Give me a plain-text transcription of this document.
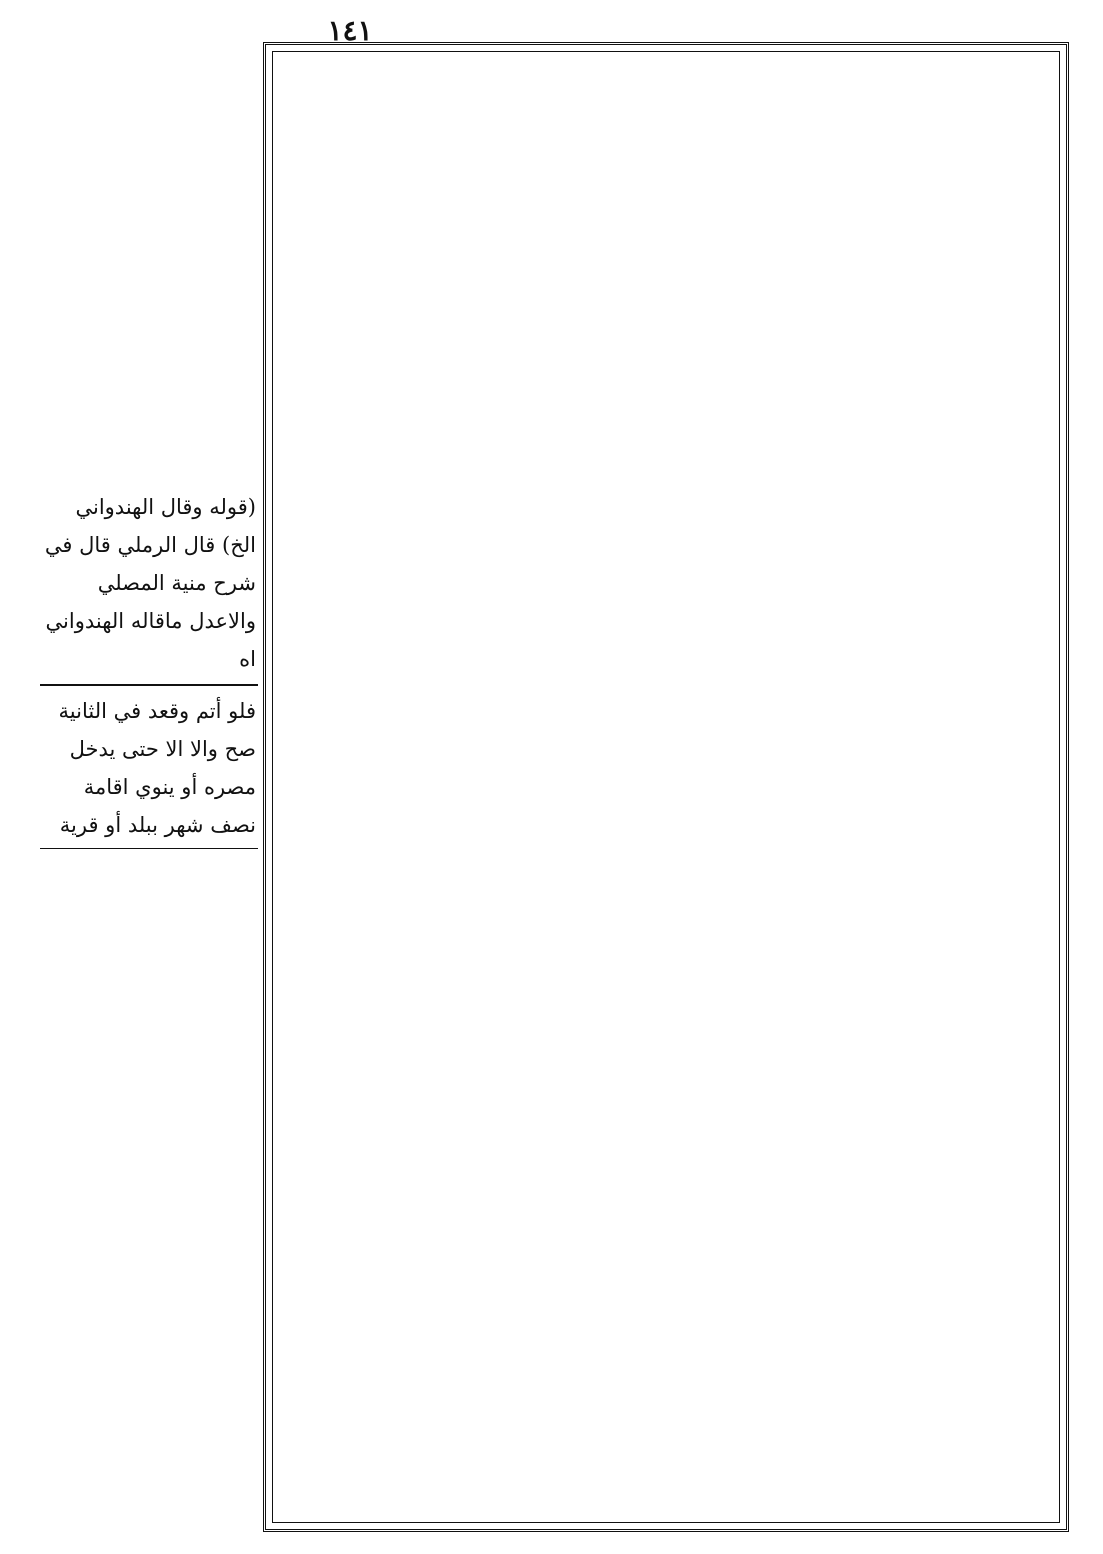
١٤١
(قوله وقال الهندواني الخ) قال الرملي قال في شرح منية المصلي والاعدل ماقاله الهندواني اه
فلو أتم وقعد في الثانية صح والا الا حتى يدخل مصره أو ينوي اقامة نصف شهر ببلد أو قرية
